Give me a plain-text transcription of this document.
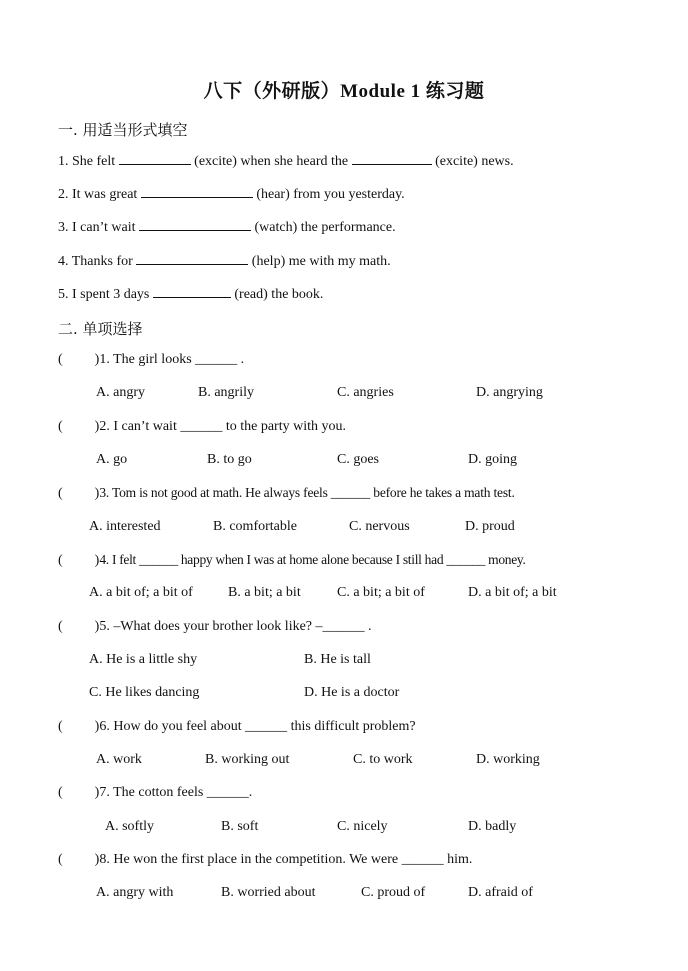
八下（外研版）Module 1 练习题
一. 用适当形式填空
1. She felt	(excite) when she heard the	(excite) news.
2. It was great	(hear) from you yesterday.
3. I can’t wait	(watch) the performance.
4. Thanks for	(help) me with my math.
5. I spent 3 days	(read) the book.
二. 单项选择
( )1. The girl looks ______ .
A. angry	B. angrily	C. angries	D. angrying
( )2. I can’t wait ______ to the party with you.
A. go	B. to go	C. goes	D. going
( )3. Tom is not good at math. He always feels ______ before he takes a math test.
A. interested	B. comfortable	C. nervous	D. proud
( )4. I felt ______ happy when I was at home alone because I still had ______ money.
A. a bit of; a bit of	B. a bit; a bit	C. a bit; a bit of	D. a bit of; a bit
( )5. –What does your brother look like? –______ .
A. He is a little shy	B. He is tall
C. He likes dancing	D. He is a doctor
( )6. How do you feel about ______ this difficult problem?
A. work	B. working out	C. to work	D. working
( )7. The cotton feels ______.
A. softly	B. soft	C. nicely	D. badly
( )8. He won the first place in the competition. We were ______ him.
A. angry with	B. worried about	C. proud of	D. afraid of
